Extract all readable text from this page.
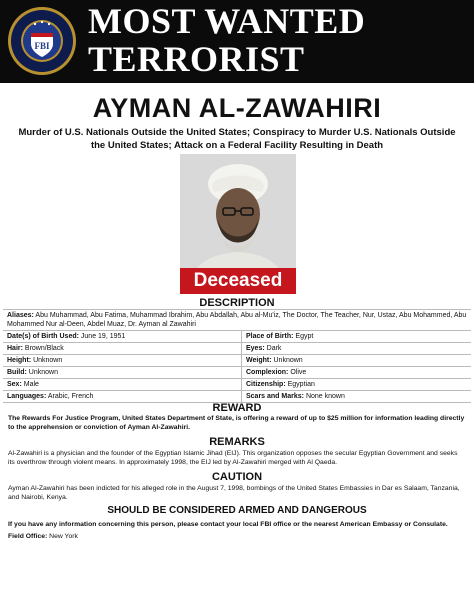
FBI
MOST WANTED
TERRORIST
AYMAN AL-ZAWAHIRI
Murder of U.S. Nationals Outside the United States; Conspiracy to Murder U.S. Nationals Outside the United States; Attack on a Federal Facility Resulting in Death
Deceased
DESCRIPTION
Aliases: Abu Muhammad, Abu Fatima, Muhammad Ibrahim, Abu Abdallah, Abu al-Mu'iz, The Doctor, The Teacher, Nur, Ustaz, Abu Mohammed, Abu Mohammed Nur al-Deen, Abdel Muaz, Dr. Ayman al Zawahiri
Date(s) of Birth Used: June 19, 1951	Place of Birth: Egypt
Hair: Brown/Black	Eyes: Dark
Height: Unknown	Weight: Unknown
Build: Unknown	Complexion: Olive
Sex: Male	Citizenship: Egyptian
Languages: Arabic, French	Scars and Marks: None known
REWARD
The Rewards For Justice Program, United States Department of State, is offering a reward of up to $25 million for information leading directly to the apprehension or conviction of Ayman Al-Zawahiri.
REMARKS
Al-Zawahiri is a physician and the founder of the Egyptian Islamic Jihad (EIJ). This organization opposes the secular Egyptian Government and seeks its overthrow through violent means. In approximately 1998, the EIJ led by Al-Zawahiri merged with Al Qaeda.
CAUTION
Ayman Al-Zawahiri has been indicted for his alleged role in the August 7, 1998, bombings of the United States Embassies in Dar es Salaam, Tanzania, and Nairobi, Kenya.
SHOULD BE CONSIDERED ARMED AND DANGEROUS
If you have any information concerning this person, please contact your local FBI office or the nearest American Embassy or Consulate.
Field Office: New York
